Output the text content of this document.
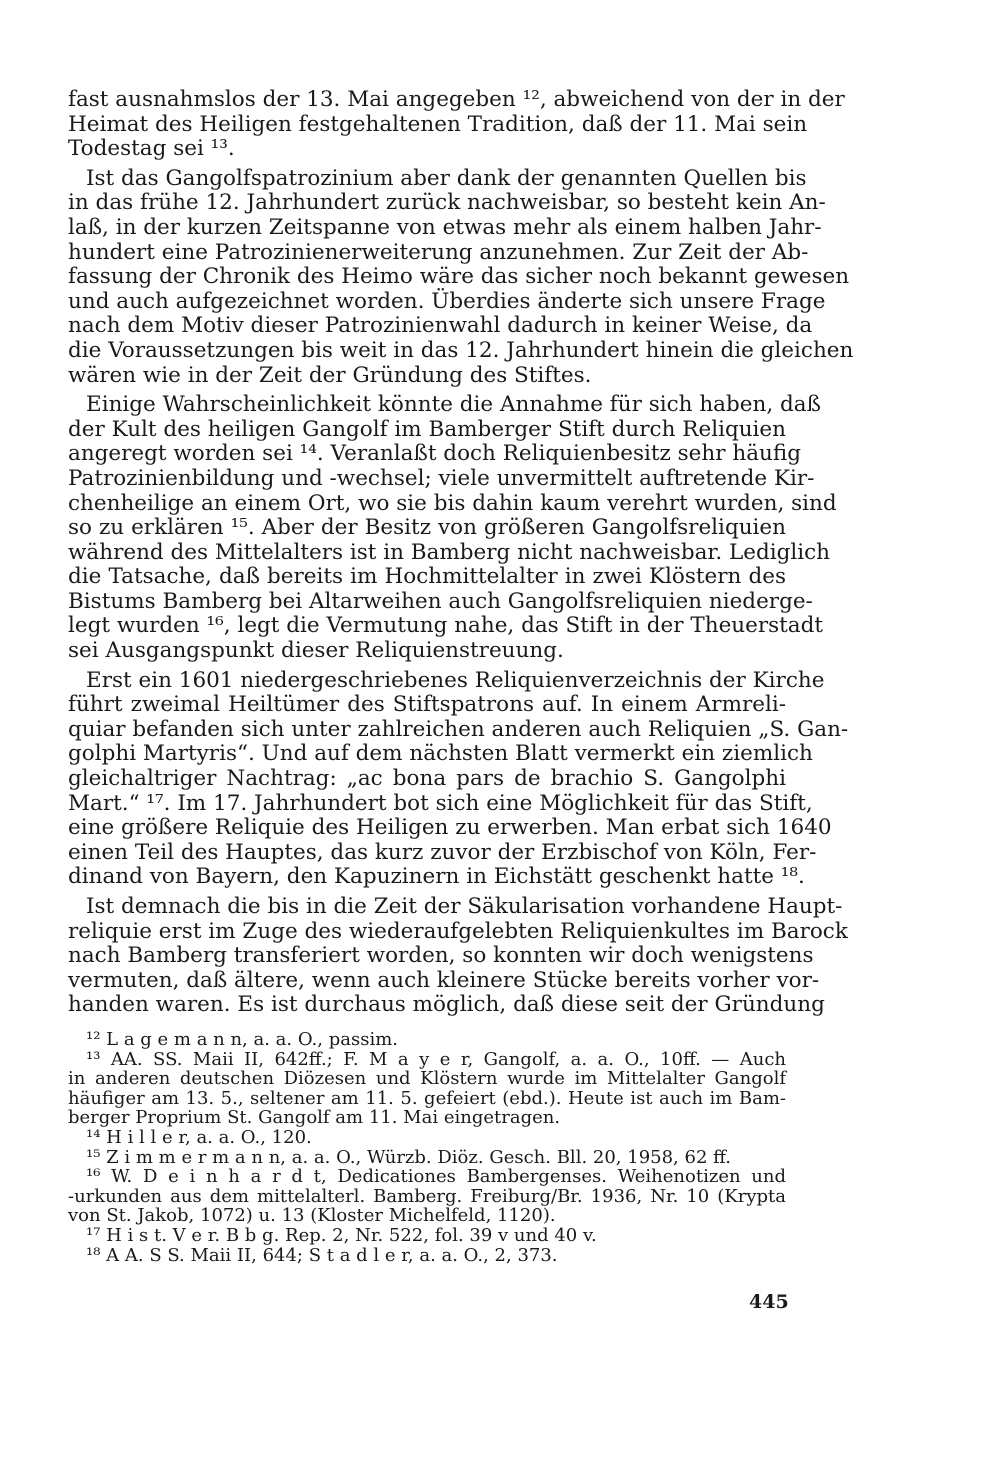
fast ausnahmslos der 13. Mai angegeben ¹², abweichend von der in der
Heimat des Heiligen festgehaltenen Tradition, daß der 11. Mai sein
Todestag sei ¹³.
Ist das Gangolfspatrozinium aber dank der genannten Quellen bis
in das frühe 12. Jahrhundert zurück nachweisbar, so besteht kein An-
laß, in der kurzen Zeitspanne von etwas mehr als einem halben Jahr-
hundert eine Patrozinienerweiterung anzunehmen. Zur Zeit der Ab-
fassung der Chronik des Heimo wäre das sicher noch bekannt gewesen
und auch aufgezeichnet worden. Überdies änderte sich unsere Frage
nach dem Motiv dieser Patrozinienwahl dadurch in keiner Weise, da
die Voraussetzungen bis weit in das 12. Jahrhundert hinein die gleichen
wären wie in der Zeit der Gründung des Stiftes.
Einige Wahrscheinlichkeit könnte die Annahme für sich haben, daß
der Kult des heiligen Gangolf im Bamberger Stift durch Reliquien
angeregt worden sei ¹⁴. Veranlaßt doch Reliquienbesitz sehr häufig
Patrozinienbildung und -wechsel; viele unvermittelt auftretende Kir-
chenheilige an einem Ort, wo sie bis dahin kaum verehrt wurden, sind
so zu erklären ¹⁵. Aber der Besitz von größeren Gangolfsreliquien
während des Mittelalters ist in Bamberg nicht nachweisbar. Lediglich
die Tatsache, daß bereits im Hochmittelalter in zwei Klöstern des
Bistums Bamberg bei Altarweihen auch Gangolfsreliquien niederge-
legt wurden ¹⁶, legt die Vermutung nahe, das Stift in der Theuerstadt
sei Ausgangspunkt dieser Reliquienstreuung.
Erst ein 1601 niedergeschriebenes Reliquienverzeichnis der Kirche
führt zweimal Heiltümer des Stiftspatrons auf. In einem Armreli-
quiar befanden sich unter zahlreichen anderen auch Reliquien „S. Gan-
golphi Martyris“. Und auf dem nächsten Blatt vermerkt ein ziemlich
gleichaltriger Nachtrag: „ac bona pars de brachio S. Gangolphi
Mart.“ ¹⁷. Im 17. Jahrhundert bot sich eine Möglichkeit für das Stift,
eine größere Reliquie des Heiligen zu erwerben. Man erbat sich 1640
einen Teil des Hauptes, das kurz zuvor der Erzbischof von Köln, Fer-
dinand von Bayern, den Kapuzinern in Eichstätt geschenkt hatte ¹⁸.
Ist demnach die bis in die Zeit der Säkularisation vorhandene Haupt-
reliquie erst im Zuge des wiederaufgelebten Reliquienkultes im Barock
nach Bamberg transferiert worden, so konnten wir doch wenigstens
vermuten, daß ältere, wenn auch kleinere Stücke bereits vorher vor-
handen waren. Es ist durchaus möglich, daß diese seit der Gründung
¹² L a g e m a n n, a. a. O., passim.
¹³ AA. SS. Maii II, 642ff.; F. M a y e r, Gangolf, a. a. O., 10ff. — Auch
in anderen deutschen Diözesen und Klöstern wurde im Mittelalter Gangolf
häufiger am 13. 5., seltener am 11. 5. gefeiert (ebd.). Heute ist auch im Bam-
berger Proprium St. Gangolf am 11. Mai eingetragen.
¹⁴ H i l l e r, a. a. O., 120.
¹⁵ Z i m m e r m a n n, a. a. O., Würzb. Diöz. Gesch. Bll. 20, 1958, 62 ff.
¹⁶ W. D e i n h a r d t, Dedicationes Bambergenses. Weihenotizen und
-urkunden aus dem mittelalterl. Bamberg. Freiburg/Br. 1936, Nr. 10 (Krypta
von St. Jakob, 1072) u. 13 (Kloster Michelfeld, 1120).
¹⁷ H i s t. V e r. B b g. Rep. 2, Nr. 522, fol. 39 v und 40 v.
¹⁸ A A. S S. Maii II, 644; S t a d l e r, a. a. O., 2, 373.
445
